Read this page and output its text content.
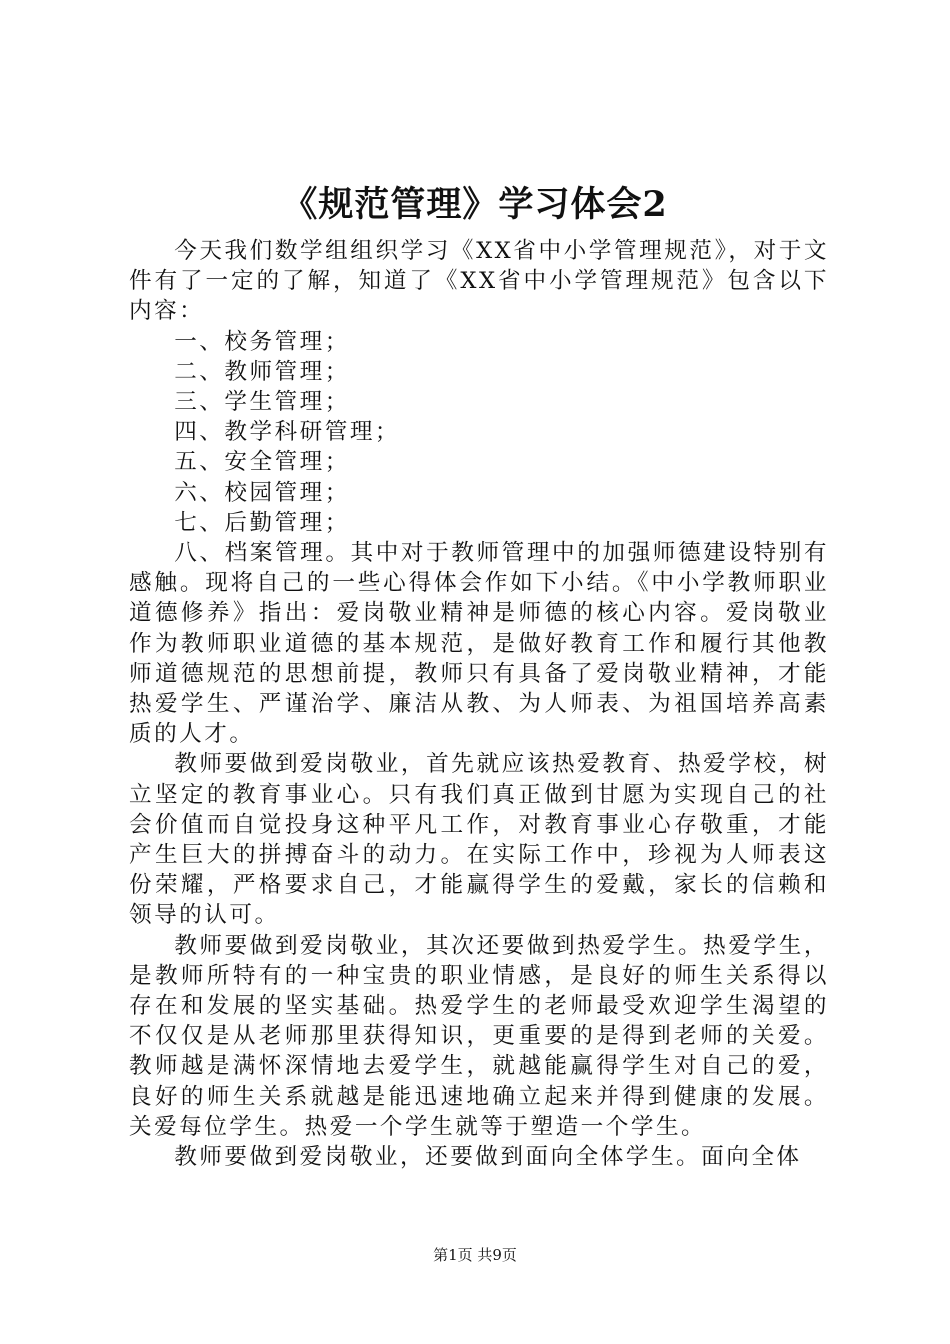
《规范管理》学习体会2

今天我们数学组组织学习《XX省中小学管理规范》，对于文件有了一定的了解，知道了《XX省中小学管理规范》包含以下内容：

一、校务管理；

二、教师管理；

三、学生管理；

四、教学科研管理；

五、安全管理；

六、校园管理；

七、后勤管理；

八、档案管理。其中对于教师管理中的加强师德建设特别有感触。现将自己的一些心得体会作如下小结。《中小学教师职业道德修养》指出：爱岗敬业精神是师德的核心内容。爱岗敬业作为教师职业道德的基本规范，是做好教育工作和履行其他教师道德规范的思想前提，教师只有具备了爱岗敬业精神，才能热爱学生、严谨治学、廉洁从教、为人师表、为祖国培养高素质的人才。

教师要做到爱岗敬业，首先就应该热爱教育、热爱学校，树立坚定的教育事业心。只有我们真正做到甘愿为实现自己的社会价值而自觉投身这种平凡工作，对教育事业心存敬重，才能产生巨大的拼搏奋斗的动力。在实际工作中，珍视为人师表这份荣耀，严格要求自己，才能赢得学生的爱戴，家长的信赖和领导的认可。

教师要做到爱岗敬业，其次还要做到热爱学生。热爱学生，是教师所特有的一种宝贵的职业情感，是良好的师生关系得以存在和发展的坚实基础。热爱学生的老师最受欢迎学生渴望的不仅仅是从老师那里获得知识，更重要的是得到老师的关爱。教师越是满怀深情地去爱学生，就越能赢得学生对自己的爱，良好的师生关系就越是能迅速地确立起来并得到健康的发展。关爱每位学生。热爱一个学生就等于塑造一个学生。

教师要做到爱岗敬业，还要做到面向全体学生。面向全体

第1页 共9页
